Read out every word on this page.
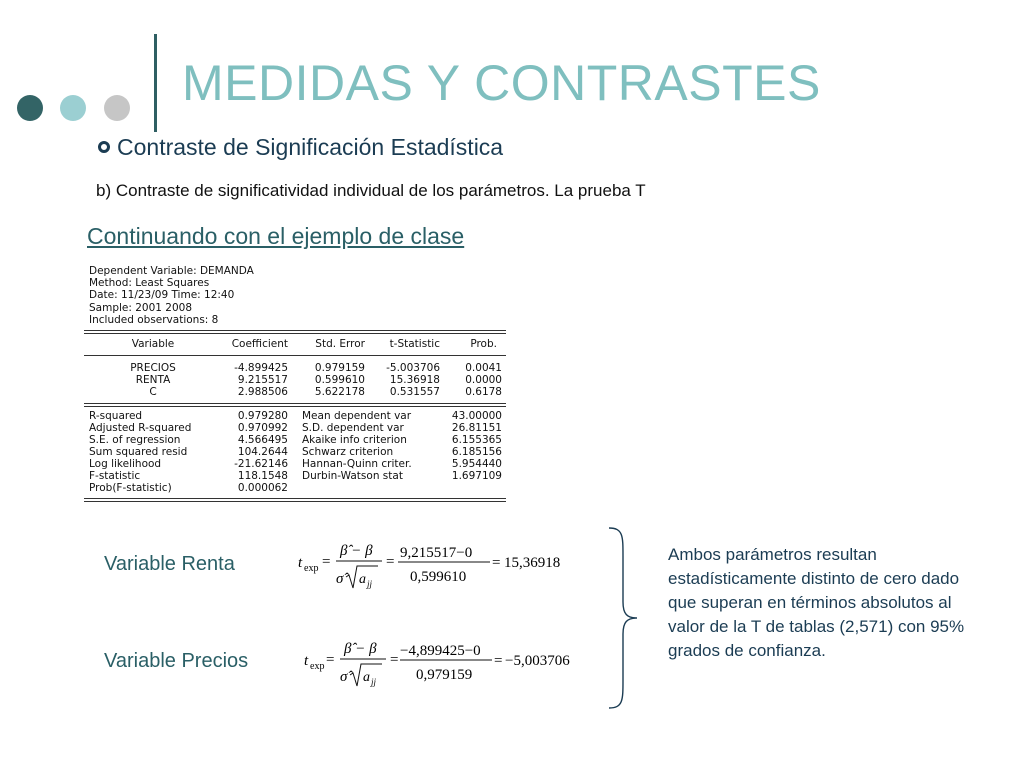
MEDIDAS Y CONTRASTES
Contraste de Significación Estadística
b) Contraste de significatividad individual de los parámetros. La prueba T
Continuando con el ejemplo de clase
Dependent Variable: DEMANDA
Method: Least Squares
Date: 11/23/09 Time: 12:40
Sample: 2001 2008
Included observations: 8
Variable	Coefficient	Std. Error	t-Statistic	Prob.
PRECIOS	-4.899425	0.979159	-5.003706	0.0041
RENTA	9.215517	0.599610	15.36918	0.0000
C	2.988506	5.622178	0.531557	0.6178
R-squared	0.979280 Mean dependent var	43.00000
Adjusted R-squared	0.970992 S.D. dependent var	26.81151
S.E. of regression	4.566495 Akaike info criterion	6.155365
Sum squared resid	104.2644 Schwarz criterion	6.185156
Log likelihood	-21.62146 Hannan-Quinn criter.	5.954440
F-statistic	118.1548 Durbin-Watson stat	1.697109
Prob(F-statistic)	0.000062
Variable Renta	t exp =
β̂ − β
σ̂	a jj
=
9,215517−0
0,599610
= 15,36918
Variable Precios	t exp =
β̂ − β
σ̂	a jj
=
−4,899425−0
0,979159
= −5,003706
Ambos parámetros resultan estadísticamente distinto de cero dado que superan en términos absolutos al valor de la T de tablas (2,571) con 95% grados de confianza.
